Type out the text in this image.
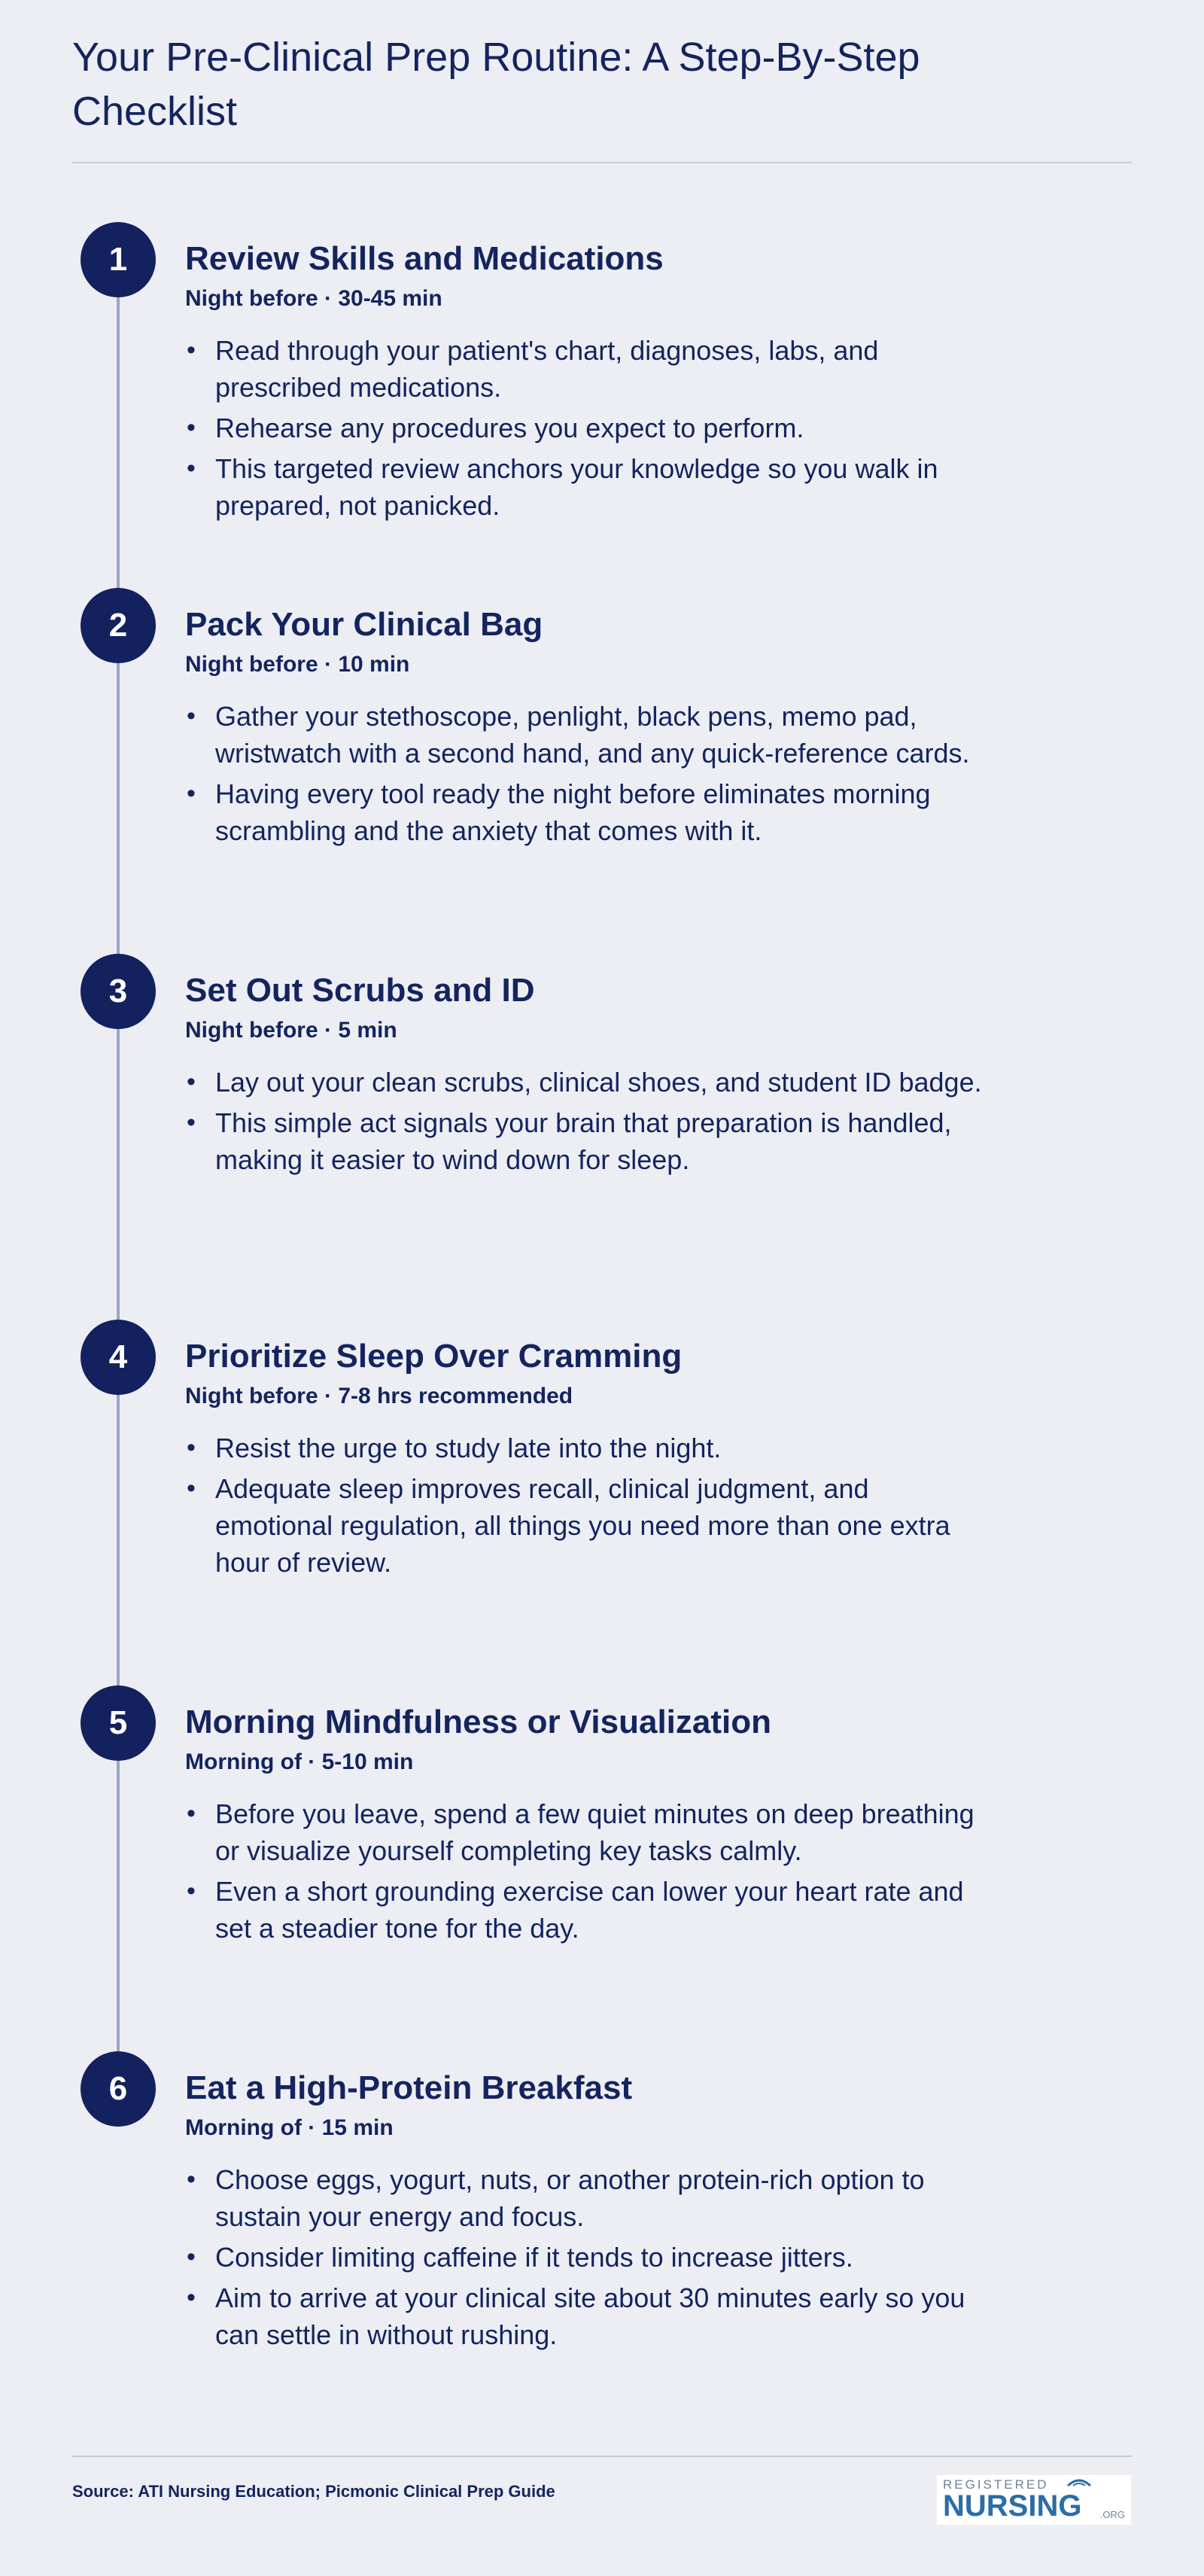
Your Pre-Clinical Prep Routine: A Step-By-Step Checklist
1	Review Skills and Medications
Night before · 30-45 min
• Read through your patient's chart, diagnoses, labs, and prescribed medications.
• Rehearse any procedures you expect to perform.
• This targeted review anchors your knowledge so you walk in prepared, not panicked.
2	Pack Your Clinical Bag
Night before · 10 min
• Gather your stethoscope, penlight, black pens, memo pad, wristwatch with a second hand, and any quick-reference cards.
• Having every tool ready the night before eliminates morning scrambling and the anxiety that comes with it.
3	Set Out Scrubs and ID
Night before · 5 min
• Lay out your clean scrubs, clinical shoes, and student ID badge.
• This simple act signals your brain that preparation is handled, making it easier to wind down for sleep.
4	Prioritize Sleep Over Cramming
Night before · 7-8 hrs recommended
• Resist the urge to study late into the night.
• Adequate sleep improves recall, clinical judgment, and emotional regulation, all things you need more than one extra hour of review.
5	Morning Mindfulness or Visualization
Morning of · 5-10 min
• Before you leave, spend a few quiet minutes on deep breathing or visualize yourself completing key tasks calmly.
• Even a short grounding exercise can lower your heart rate and set a steadier tone for the day.
6	Eat a High-Protein Breakfast
Morning of · 15 min
• Choose eggs, yogurt, nuts, or another protein-rich option to sustain your energy and focus.
• Consider limiting caffeine if it tends to increase jitters.
• Aim to arrive at your clinical site about 30 minutes early so you can settle in without rushing.
Source: ATI Nursing Education; Picmonic Clinical Prep Guide	REGISTERED
NURSING	.ORG
